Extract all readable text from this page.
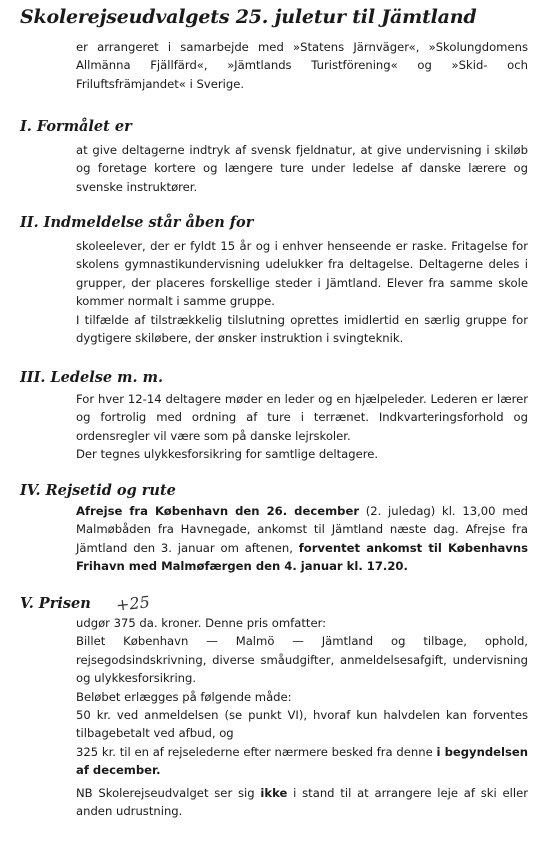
Skolerejseudvalgets 25. juletur til Jämtland

er arrangeret i samarbejde med »Statens Järnväger«, »Skolungdomens Allmänna Fjällfärd«, »Jämtlands Turistförening« og »Skid- och Friluftsfrämjandet« i Sverige.

I. Formålet er

at give deltagerne indtryk af svensk fjeldnatur, at give undervisning i skiløb og foretage kortere og længere ture under ledelse af danske lærere og svenske instruktører.

II. Indmeldelse står åben for

skoleelever, der er fyldt 15 år og i enhver henseende er raske. Fritagelse for skolens gymnastikundervisning udelukker fra deltagelse. Deltagerne deles i grupper, der placeres forskellige steder i Jämtland. Elever fra samme skole kommer normalt i samme gruppe.

I tilfælde af tilstrækkelig tilslutning oprettes imidlertid en særlig gruppe for dygtigere skiløbere, der ønsker instruktion i svingteknik.

III. Ledelse m. m.

For hver 12-14 deltagere møder en leder og en hjælpeleder. Lederen er lærer og fortrolig med ordning af ture i terrænet. Indkvarteringsforhold og ordensregler vil være som på danske lejrskoler.

Der tegnes ulykkesforsikring for samtlige deltagere.

IV. Rejsetid og rute

Afrejse fra København den 26. december (2. juledag) kl. 13,00 med Malmøbåden fra Havnegade, ankomst til Jämtland næste dag. Afrejse fra Jämtland den 3. januar om aftenen, forventet ankomst til Københavns Frihavn med Malmøfærgen den 4. januar kl. 17.20.

V. Prisen +25

udgør 375 da. kroner. Denne pris omfatter:

Billet København — Malmö — Jämtland og tilbage, ophold, rejsegodsindskrivning, diverse småudgifter, anmeldelsesafgift, undervisning og ulykkesforsikring.

Beløbet erlægges på følgende måde:

50 kr. ved anmeldelsen (se punkt VI), hvoraf kun halvdelen kan forventes tilbagebetalt ved afbud, og

325 kr. til en af rejselederne efter nærmere besked fra denne i begyndelsen af december.

NB Skolerejseudvalget ser sig ikke i stand til at arrangere leje af ski eller anden udrustning.
